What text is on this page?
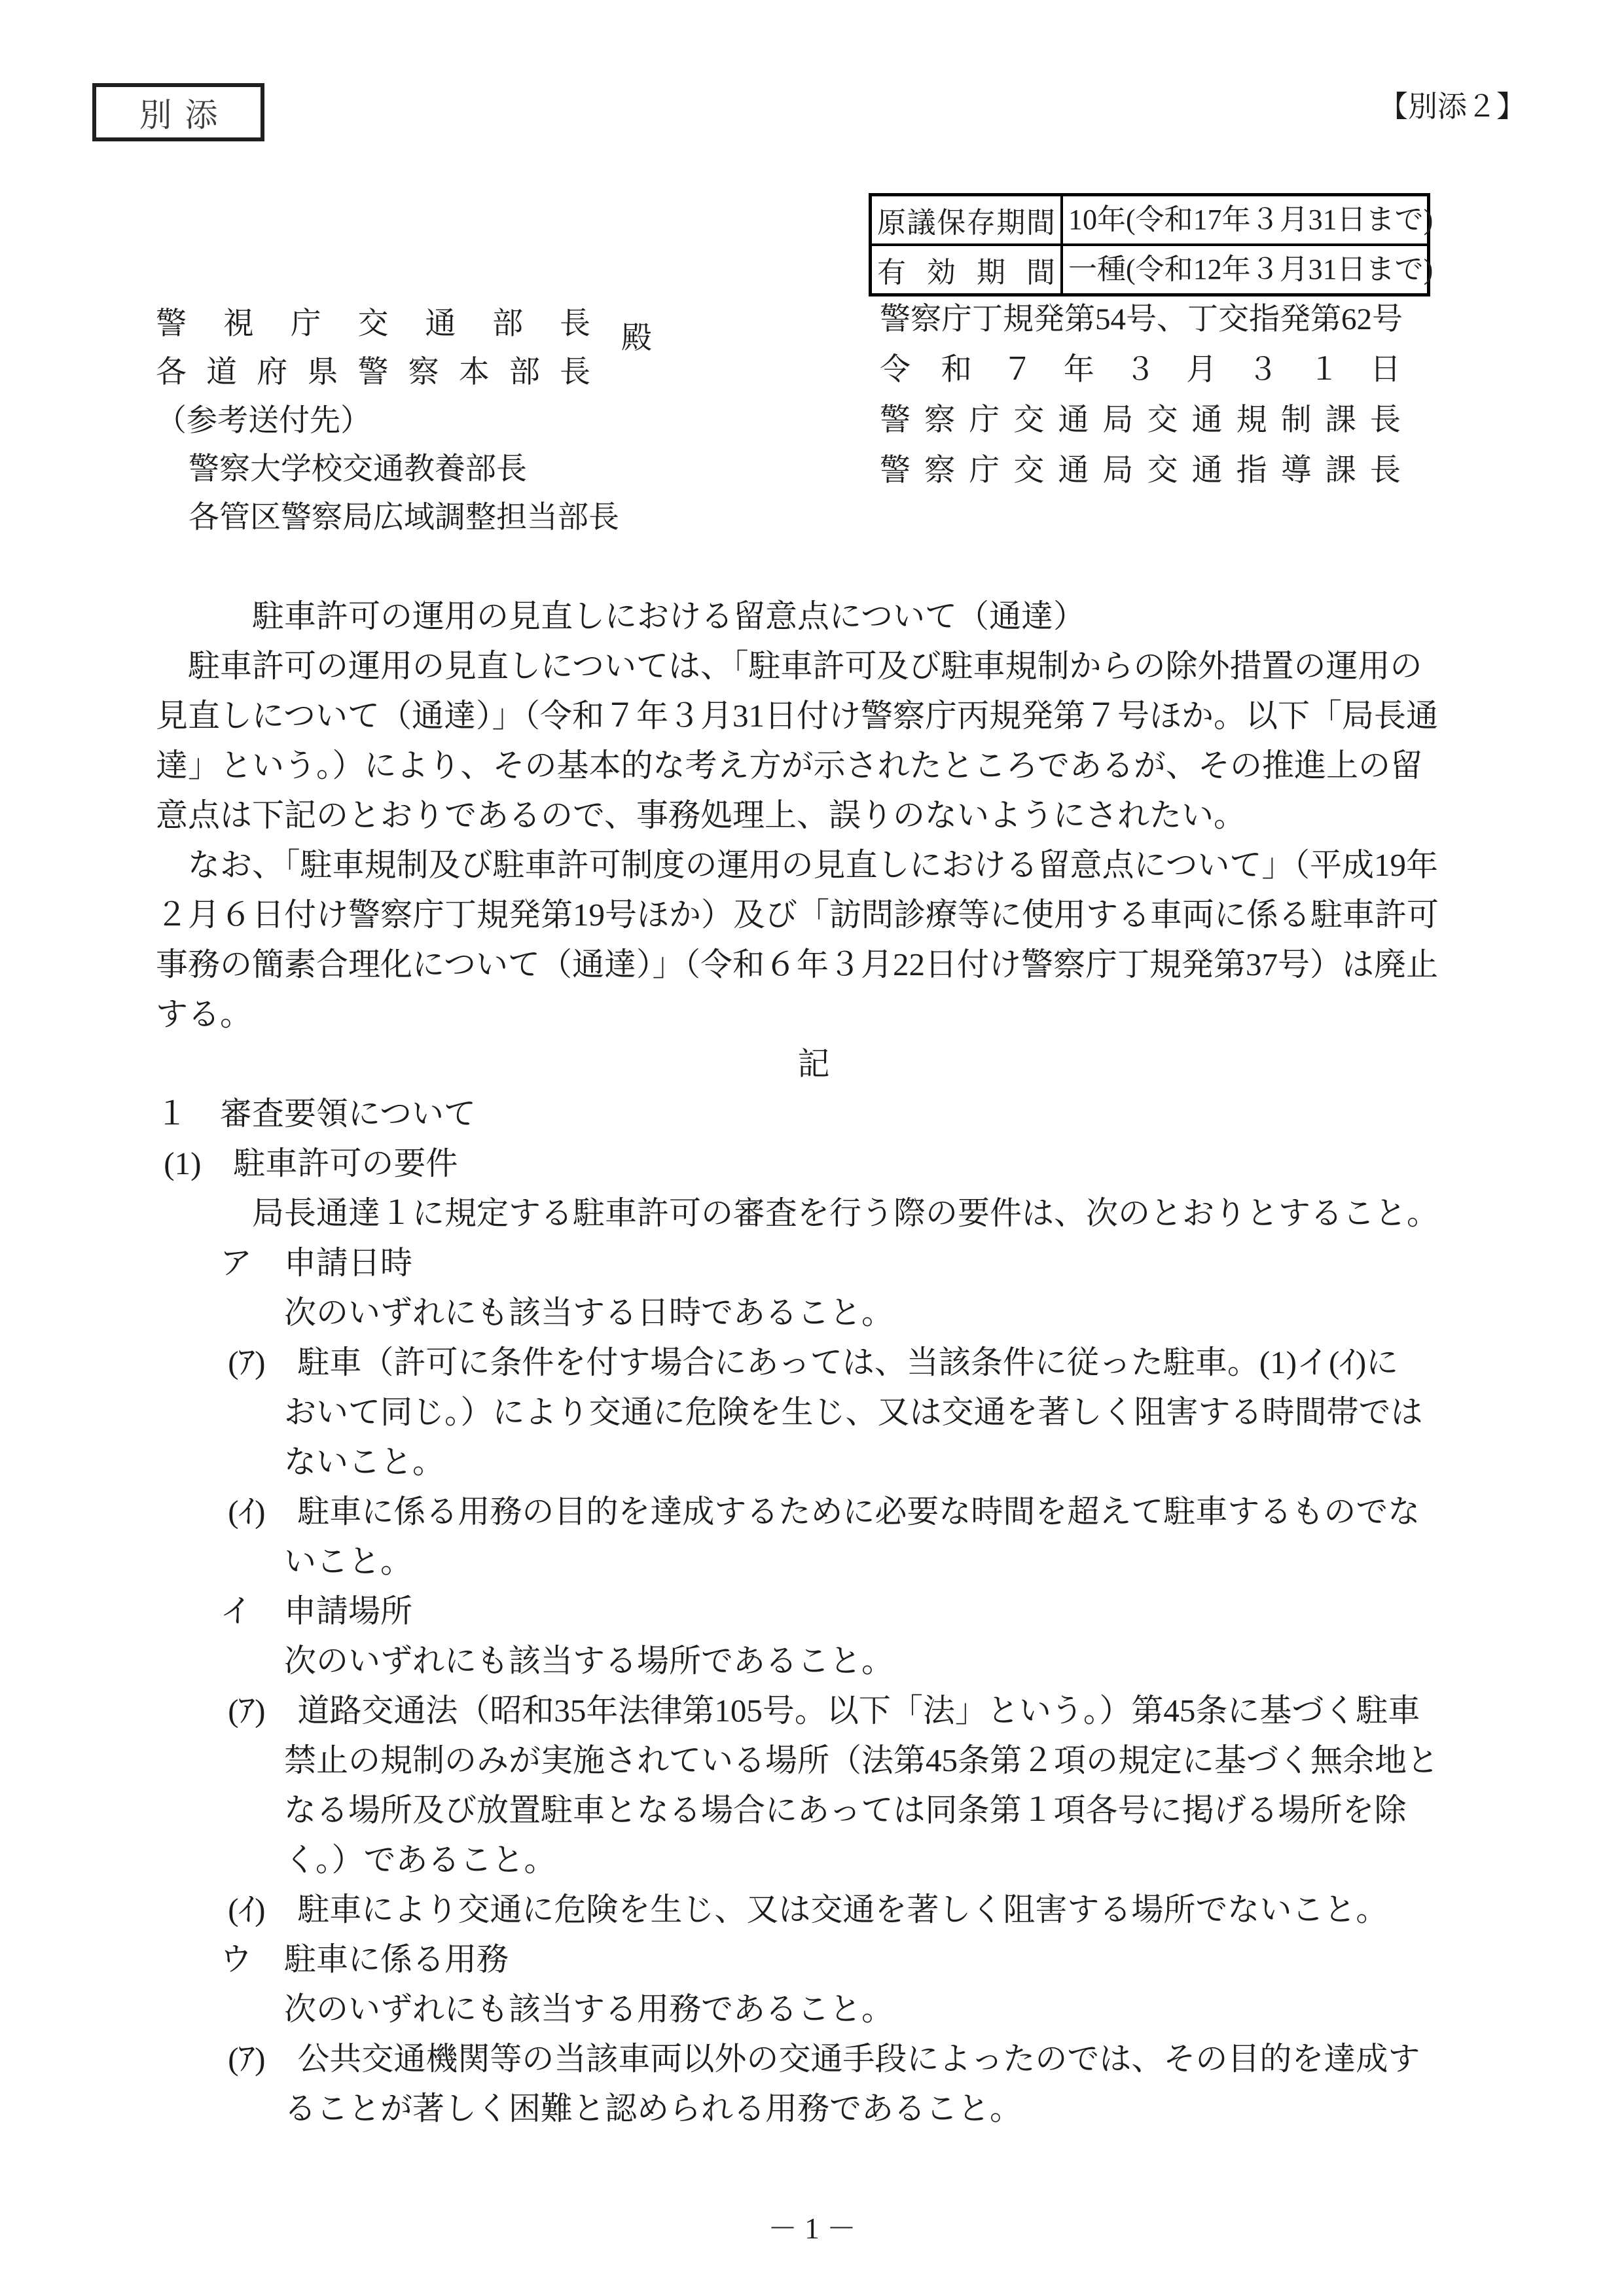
別添	【別添２】
原 議 保 存 期 間 10年(令和17年３月31日まで)
有 効 期 間 一種(令和12年３月31日まで)
警 視 庁 交 通 部 長
各 道 府 県 警 察 本 部 長
（参考送付先）
警察大学校交通教養部長
各管区警察局広域調整担当部長
殿
警察庁丁規発第54号、丁交指発第62号
令 和 ７ 年 ３ 月 ３ １ 日
警 察 庁 交 通 局 交 通 規 制 課 長
警 察 庁 交 通 局 交 通 指 導 課 長
　　　駐車許可の運用の見直しにおける留意点について（通達）
　駐車許可の運用の見直しについては、「駐車許可及び駐車規制からの除外措置の運用の
見直しについて（通達）」（令和７年３月31日付け警察庁丙規発第７号ほか。以下「局長通
達」という。）により、その基本的な考え方が示されたところであるが、その推進上の留
意点は下記のとおりであるので、事務処理上、誤りのないようにされたい。
　なお、「駐車規制及び駐車許可制度の運用の見直しにおける留意点について」（平成19年
２月６日付け警察庁丁規発第19号ほか）及び「訪問診療等に使用する車両に係る駐車許可
事務の簡素合理化について（通達）」（令和６年３月22日付け警察庁丁規発第37号）は廃止
する。
記
１　審査要領について
(1)　駐車許可の要件
　　　局長通達１に規定する駐車許可の審査を行う際の要件は、次のとおりとすること。
　　ア　申請日時
　　　　次のいずれにも該当する日時であること。
　　 (ｱ)　駐車（許可に条件を付す場合にあっては、当該条件に従った駐車。(1)イ(ｲ)に
　　　　おいて同じ。）により交通に危険を生じ、又は交通を著しく阻害する時間帯では
　　　　ないこと。
　　 (ｲ)　駐車に係る用務の目的を達成するために必要な時間を超えて駐車するものでな
　　　　いこと。
　　イ　申請場所
　　　　次のいずれにも該当する場所であること。
　　 (ｱ)　道路交通法（昭和35年法律第105号。以下「法」という。）第45条に基づく駐車
　　　　禁止の規制のみが実施されている場所（法第45条第２項の規定に基づく無余地と
　　　　なる場所及び放置駐車となる場合にあっては同条第１項各号に掲げる場所を除
　　　　く。）であること。
　　 (ｲ)　駐車により交通に危険を生じ、又は交通を著しく阻害する場所でないこと。
　　ウ　駐車に係る用務
　　　　次のいずれにも該当する用務であること。
　　 (ｱ)　公共交通機関等の当該車両以外の交通手段によったのでは、その目的を達成す
　　　　ることが著しく困難と認められる用務であること。
－ 1 －
